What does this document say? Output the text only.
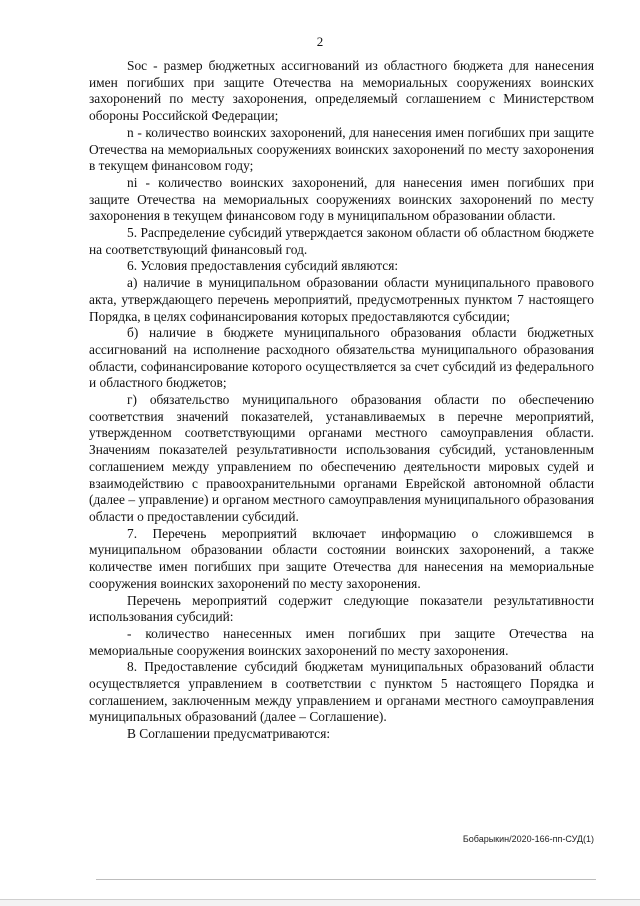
2

Soc - размер бюджетных ассигнований из областного бюджета для нанесения имен погибших при защите Отечества на мемориальных сооружениях воинских захоронений по месту захоронения, определяемый соглашением с Министерством обороны Российской Федерации;

n - количество воинских захоронений, для нанесения имен погибших при защите Отечества на мемориальных сооружениях воинских захоронений по месту захоронения в текущем финансовом году;

ni - количество воинских захоронений, для нанесения имен погибших при защите Отечества на мемориальных сооружениях воинских захоронений по месту захоронения в текущем финансовом году в муниципальном образовании области.

5. Распределение субсидий утверждается законом области об областном бюджете на соответствующий финансовый год.

6. Условия предоставления субсидий являются:

а) наличие в муниципальном образовании области муниципального правового акта, утверждающего перечень мероприятий, предусмотренных пунктом 7 настоящего Порядка, в целях софинансирования которых предоставляются субсидии;

б) наличие в бюджете муниципального образования области бюджетных ассигнований на исполнение расходного обязательства муниципального образования области, софинансирование которого осуществляется за счет субсидий из федерального и областного бюджетов;

г) обязательство муниципального образования области по обеспечению соответствия значений показателей, устанавливаемых в перечне мероприятий, утвержденном соответствующими органами местного самоуправления области. Значениям показателей результативности использования субсидий, установленным соглашением между управлением по обеспечению деятельности мировых судей и взаимодействию с правоохранительными органами Еврейской автономной области (далее – управление) и органом местного самоуправления муниципального образования области о предоставлении субсидий.

7. Перечень мероприятий включает информацию о сложившемся в муниципальном образовании области состоянии воинских захоронений, а также количестве имен погибших при защите Отечества для нанесения на мемориальные сооружения воинских захоронений по месту захоронения.

Перечень мероприятий содержит следующие показатели результативности использования субсидий:

- количество нанесенных имен погибших при защите Отечества на мемориальные сооружения воинских захоронений по месту захоронения.

8. Предоставление субсидий бюджетам муниципальных образований области осуществляется управлением в соответствии с пунктом 5 настоящего Порядка и соглашением, заключенным между управлением и органами местного самоуправления муниципальных образований (далее – Соглашение).

В Соглашении предусматриваются:

Бобарыкин/2020-166-пп-СУД(1)
